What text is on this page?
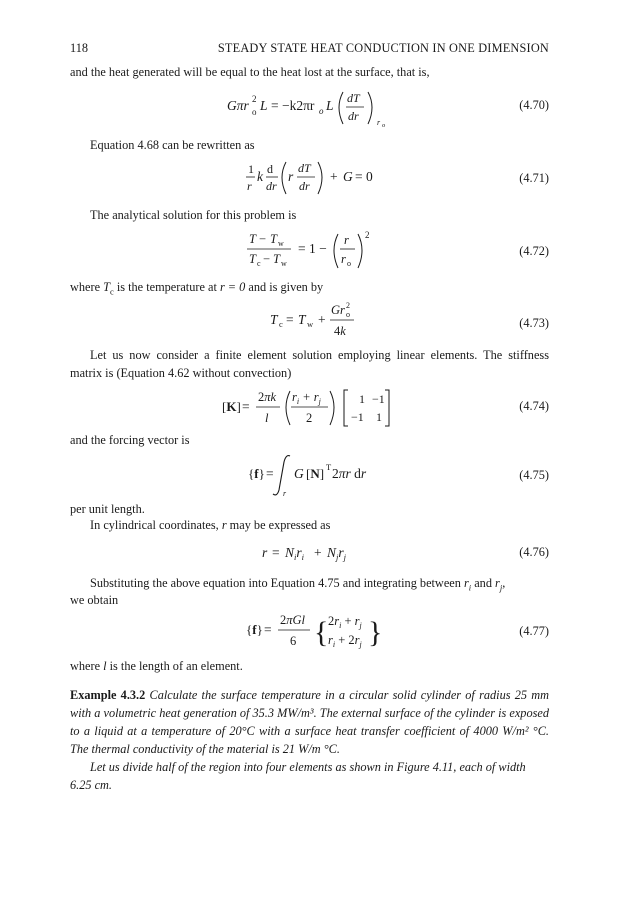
118	STEADY STATE HEAT CONDUCTION IN ONE DIMENSION
and the heat generated will be equal to the heat lost at the surface, that is,
Gπr 2
o L = −k2πr o L dT
dr r o
(4.70)
Equation 4.68 can be rewritten as
1
r
k d
dr
r
dT
dr
+ G = 0	(4.71)
The analytical solution for this problem is
T − T w
T c − T w
= 1 −
r
r o
2
(4.72)
where $T_c$ is the temperature at r = 0 and is given by
T c = T w +
Gr 2
o
4k
(4.73)
Let us now consider a finite element solution employing linear elements. The stiffness matrix is (Equation 4.62 without convection)
[K] =
2πk
l
$r_i + r_j$
2
1 −1
−1 1
(4.74)
and the forcing vector is
{f} =
r
G [N] T 2πr dr	(4.75)
per unit length.
In cylindrical coordinates, r may be expressed as
$r = N_ir_i + N_jr_j$	(4.76)
Substituting the above equation into Equation 4.75 and integrating between $r_i$ and $r_j$,
we obtain
{f} =
2πGl
6 { $2r_i + r_j$
$r_i + 2r_j$ }	(4.77)
where l is the length of an element.
Example 4.3.2 Calculate the surface temperature in a circular solid cylinder of radius 25 mm with a volumetric heat generation of 35.3 MW/m³. The external surface of the cylinder is exposed to a liquid at a temperature of 20°C with a surface heat transfer coefficient of 4000 W/m² °C. The thermal conductivity of the material is 21 W/m °C.
Let us divide half of the region into four elements as shown in Figure 4.11, each of width 6.25 cm.
